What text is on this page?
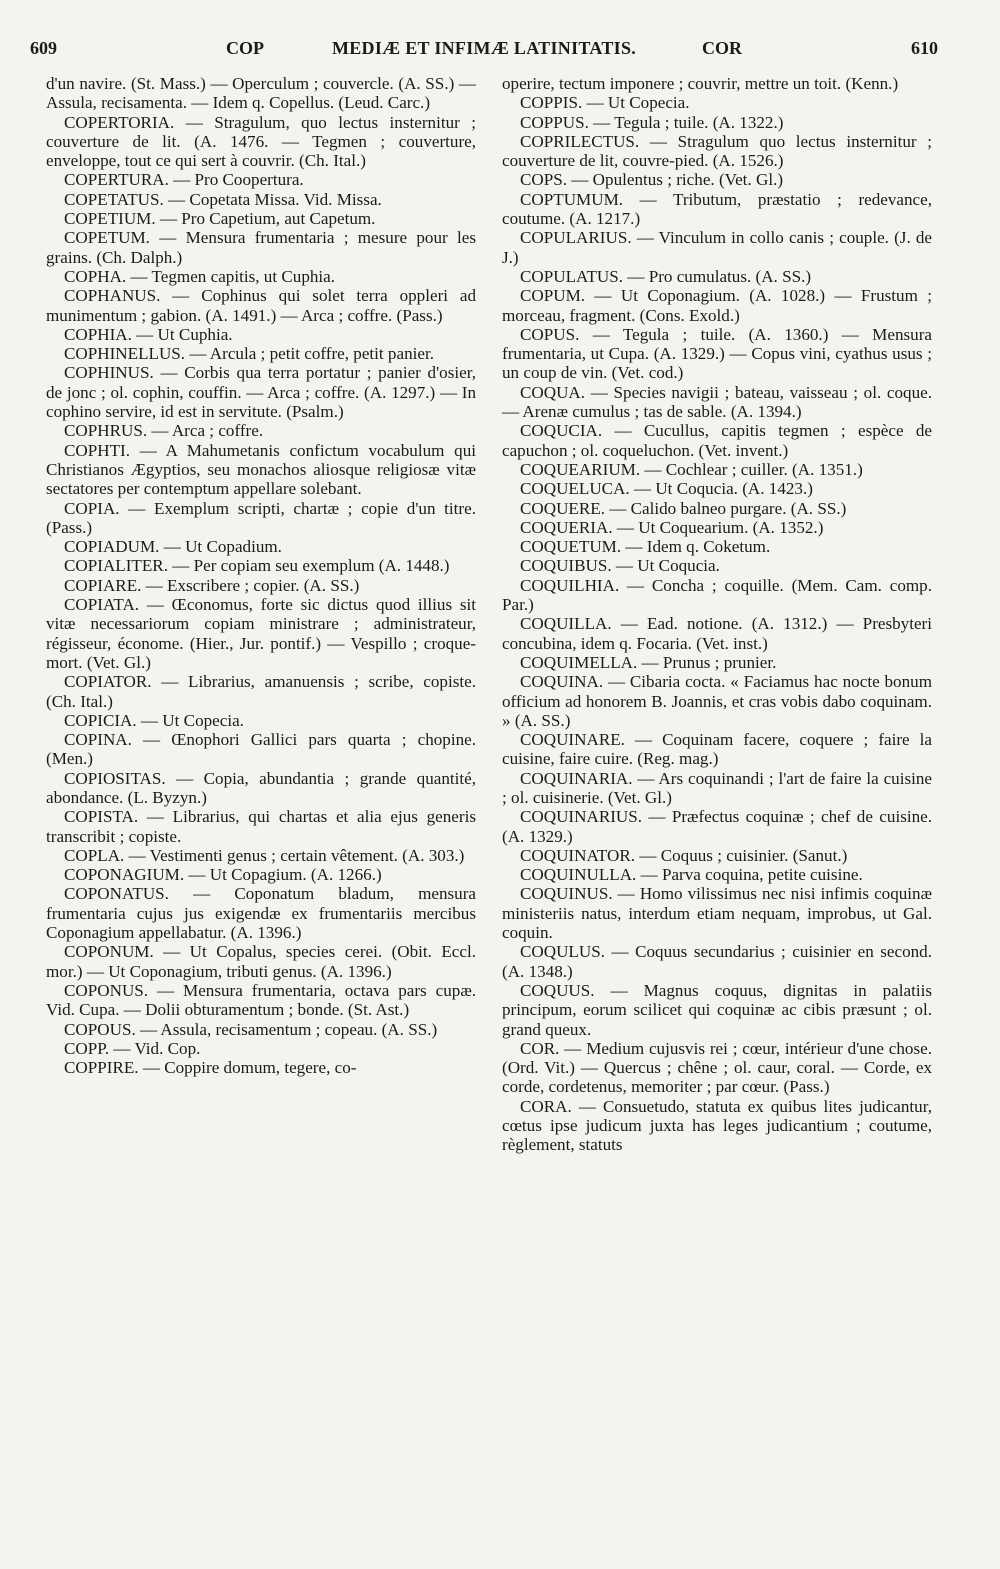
609	COP	MEDIÆ ET INFIMÆ LATINITATIS.	COR	610

d'un navire. (St. Mass.) — Operculum ; couvercle. (A. SS.) — Assula, recisamenta. — Idem q. Copellus. (Leud. Carc.)

COPERTORIA. — Stragulum, quo lectus insternitur ; couverture de lit. (A. 1476. — Tegmen ; couverture, enveloppe, tout ce qui sert à couvrir. (Ch. Ital.)

COPERTURA. — Pro Coopertura.

COPETATUS. — Copetata Missa. Vid. Missa.

COPETIUM. — Pro Capetium, aut Capetum.

COPETUM. — Mensura frumentaria ; mesure pour les grains. (Ch. Dalph.)

COPHA. — Tegmen capitis, ut Cuphia.

COPHANUS. — Cophinus qui solet terra oppleri ad munimentum ; gabion. (A. 1491.) — Arca ; coffre. (Pass.)

COPHIA. — Ut Cuphia.

COPHINELLUS. — Arcula ; petit coffre, petit panier.

COPHINUS. — Corbis qua terra portatur ; panier d'osier, de jonc ; ol. cophin, couffin. — Arca ; coffre. (A. 1297.) — In cophino servire, id est in servitute. (Psalm.)

COPHRUS. — Arca ; coffre.

COPHTI. — A Mahumetanis confictum vocabulum qui Christianos Ægyptios, seu monachos aliosque religiosæ vitæ sectatores per contemptum appellare solebant.

COPIA. — Exemplum scripti, chartæ ; copie d'un titre. (Pass.)

COPIADUM. — Ut Copadium.

COPIALITER. — Per copiam seu exemplum (A. 1448.)

COPIARE. — Exscribere ; copier. (A. SS.)

COPIATA. — Œconomus, forte sic dictus quod illius sit vitæ necessariorum copiam ministrare ; administrateur, régisseur, économe. (Hier., Jur. pontif.) — Vespillo ; croque-mort. (Vet. Gl.)

COPIATOR. — Librarius, amanuensis ; scribe, copiste. (Ch. Ital.)

COPICIA. — Ut Copecia.

COPINA. — Œnophori Gallici pars quarta ; chopine. (Men.)

COPIOSITAS. — Copia, abundantia ; grande quantité, abondance. (L. Byzyn.)

COPISTA. — Librarius, qui chartas et alia ejus generis transcribit ; copiste.

COPLA. — Vestimenti genus ; certain vêtement. (A. 303.)

COPONAGIUM. — Ut Copagium. (A. 1266.)

COPONATUS. — Coponatum bladum, mensura frumentaria cujus jus exigendæ ex frumentariis mercibus Coponagium appellabatur. (A. 1396.)

COPONUM. — Ut Copalus, species cerei. (Obit. Eccl. mor.) — Ut Coponagium, tributi genus. (A. 1396.)

COPONUS. — Mensura frumentaria, octava pars cupæ. Vid. Cupa. — Dolii obturamentum ; bonde. (St. Ast.)

COPOUS. — Assula, recisamentum ; copeau. (A. SS.)

COPP. — Vid. Cop.

COPPIRE. — Coppire domum, tegere, co-

operire, tectum imponere ; couvrir, mettre un toit. (Kenn.)

COPPIS. — Ut Copecia.

COPPUS. — Tegula ; tuile. (A. 1322.)

COPRILECTUS. — Stragulum quo lectus insternitur ; couverture de lit, couvre-pied. (A. 1526.)

COPS. — Opulentus ; riche. (Vet. Gl.)

COPTUMUM. — Tributum, præstatio ; redevance, coutume. (A. 1217.)

COPULARIUS. — Vinculum in collo canis ; couple. (J. de J.)

COPULATUS. — Pro cumulatus. (A. SS.)

COPUM. — Ut Coponagium. (A. 1028.) — Frustum ; morceau, fragment. (Cons. Exold.)

COPUS. — Tegula ; tuile. (A. 1360.) — Mensura frumentaria, ut Cupa. (A. 1329.) — Copus vini, cyathus usus ; un coup de vin. (Vet. cod.)

COQUA. — Species navigii ; bateau, vaisseau ; ol. coque. — Arenæ cumulus ; tas de sable. (A. 1394.)

COQUCIA. — Cucullus, capitis tegmen ; espèce de capuchon ; ol. coqueluchon. (Vet. invent.)

COQUEARIUM. — Cochlear ; cuiller. (A. 1351.)

COQUELUCA. — Ut Coqucia. (A. 1423.)

COQUERE. — Calido balneo purgare. (A. SS.)

COQUERIA. — Ut Coquearium. (A. 1352.)

COQUETUM. — Idem q. Coketum.

COQUIBUS. — Ut Coqucia.

COQUILHIA. — Concha ; coquille. (Mem. Cam. comp. Par.)

COQUILLA. — Ead. notione. (A. 1312.) — Presbyteri concubina, idem q. Focaria. (Vet. inst.)

COQUIMELLA. — Prunus ; prunier.

COQUINA. — Cibaria cocta. « Faciamus hac nocte bonum officium ad honorem B. Joannis, et cras vobis dabo coquinam. » (A. SS.)

COQUINARE. — Coquinam facere, coquere ; faire la cuisine, faire cuire. (Reg. mag.)

COQUINARIA. — Ars coquinandi ; l'art de faire la cuisine ; ol. cuisinerie. (Vet. Gl.)

COQUINARIUS. — Præfectus coquinæ ; chef de cuisine. (A. 1329.)

COQUINATOR. — Coquus ; cuisinier. (Sanut.)

COQUINULLA. — Parva coquina, petite cuisine.

COQUINUS. — Homo vilissimus nec nisi infimis coquinæ ministeriis natus, interdum etiam nequam, improbus, ut Gal. coquin.

COQULUS. — Coquus secundarius ; cuisinier en second. (A. 1348.)

COQUUS. — Magnus coquus, dignitas in palatiis principum, eorum scilicet qui coquinæ ac cibis præsunt ; ol. grand queux.

COR. — Medium cujusvis rei ; cœur, intérieur d'une chose. (Ord. Vit.) — Quercus ; chêne ; ol. caur, coral. — Corde, ex corde, cordetenus, memoriter ; par cœur. (Pass.)

CORA. — Consuetudo, statuta ex quibus lites judicantur, cœtus ipse judicum juxta has leges judicantium ; coutume, règlement, statuts
